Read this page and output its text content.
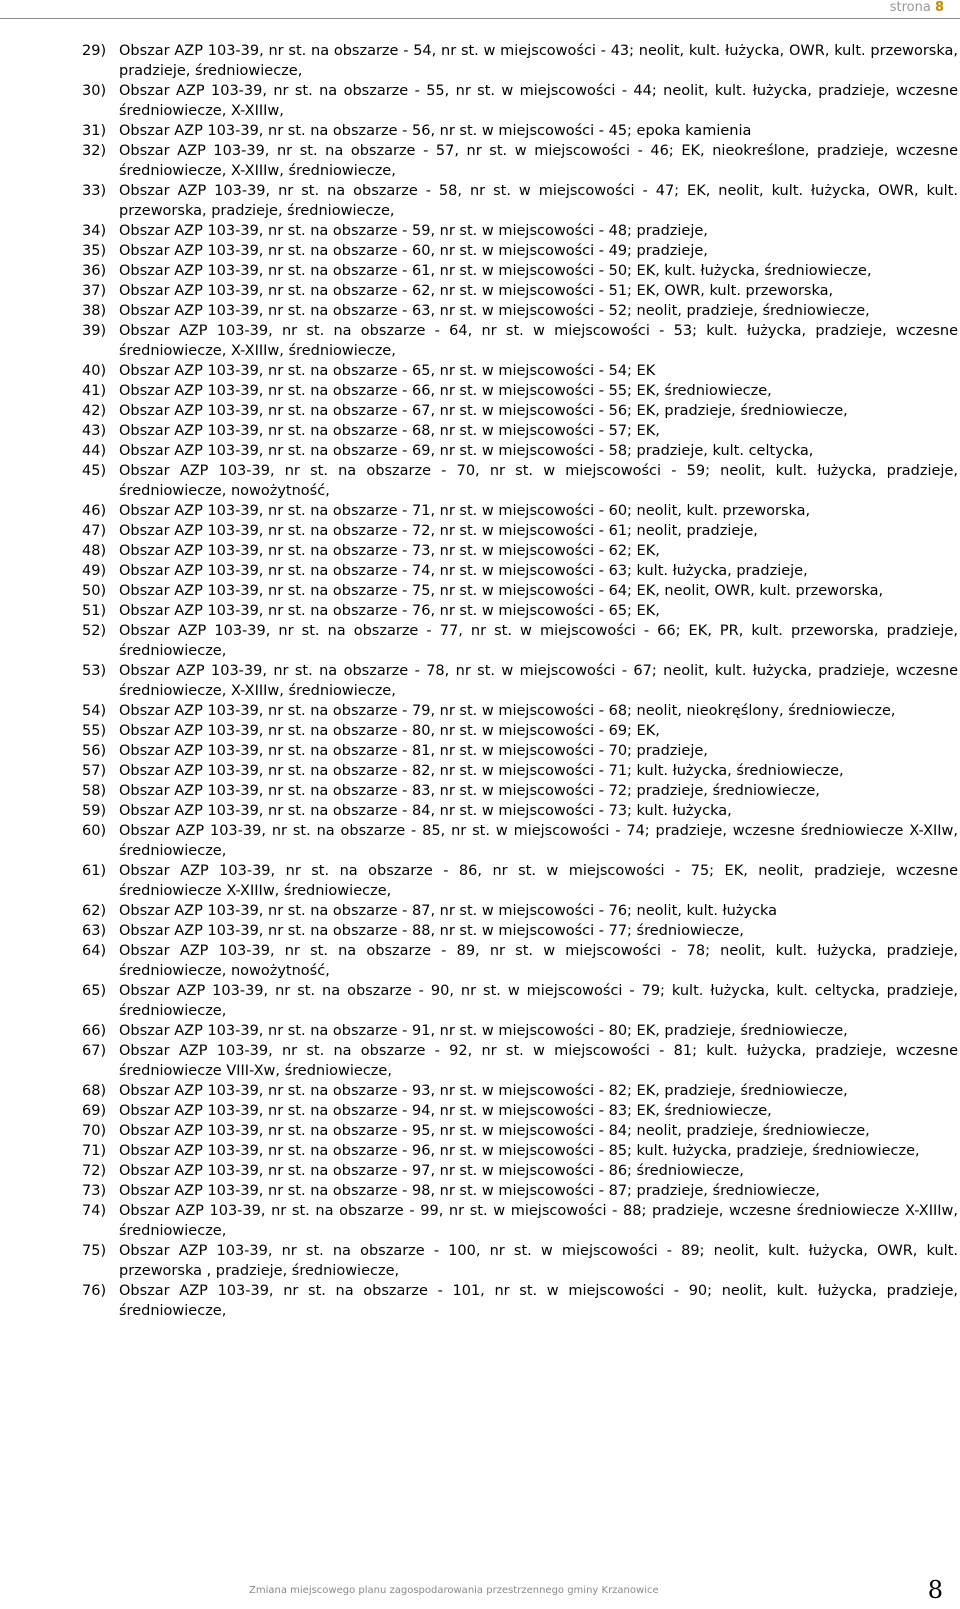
strona 8
29) Obszar AZP 103-39, nr st. na obszarze - 54, nr st. w miejscowości - 43; neolit, kult. łużycka, OWR, kult. przeworska, pradzieje, średniowiecze,
30) Obszar AZP 103-39, nr st. na obszarze - 55, nr st. w miejscowości - 44; neolit, kult. łużycka, pradzieje, wczesne średniowiecze, X-XIIIw,
31) Obszar AZP 103-39, nr st. na obszarze - 56, nr st. w miejscowości - 45; epoka kamienia
32) Obszar AZP 103-39, nr st. na obszarze - 57, nr st. w miejscowości - 46; EK, nieokreślone, pradzieje, wczesne średniowiecze, X-XIIIw, średniowiecze,
33) Obszar AZP 103-39, nr st. na obszarze - 58, nr st. w miejscowości - 47; EK, neolit, kult. łużycka, OWR, kult. przeworska, pradzieje, średniowiecze,
34) Obszar AZP 103-39, nr st. na obszarze - 59, nr st. w miejscowości - 48; pradzieje,
35) Obszar AZP 103-39, nr st. na obszarze - 60, nr st. w miejscowości - 49; pradzieje,
36) Obszar AZP 103-39, nr st. na obszarze - 61, nr st. w miejscowości - 50; EK, kult. łużycka, średniowiecze,
37) Obszar AZP 103-39, nr st. na obszarze - 62, nr st. w miejscowości - 51; EK, OWR, kult. przeworska,
38) Obszar AZP 103-39, nr st. na obszarze - 63, nr st. w miejscowości - 52; neolit, pradzieje, średniowiecze,
39) Obszar AZP 103-39, nr st. na obszarze - 64, nr st. w miejscowości - 53; kult. łużycka, pradzieje, wczesne średniowiecze, X-XIIIw, średniowiecze,
40) Obszar AZP 103-39, nr st. na obszarze - 65, nr st. w miejscowości - 54; EK
41) Obszar AZP 103-39, nr st. na obszarze - 66, nr st. w miejscowości - 55; EK, średniowiecze,
42) Obszar AZP 103-39, nr st. na obszarze - 67, nr st. w miejscowości - 56; EK, pradzieje, średniowiecze,
43) Obszar AZP 103-39, nr st. na obszarze - 68, nr st. w miejscowości - 57; EK,
44) Obszar AZP 103-39, nr st. na obszarze - 69, nr st. w miejscowości - 58; pradzieje, kult. celtycka,
45) Obszar AZP 103-39, nr st. na obszarze - 70, nr st. w miejscowości - 59; neolit, kult. łużycka, pradzieje, średniowiecze, nowożytność,
46) Obszar AZP 103-39, nr st. na obszarze - 71, nr st. w miejscowości - 60; neolit, kult. przeworska,
47) Obszar AZP 103-39, nr st. na obszarze - 72, nr st. w miejscowości - 61; neolit, pradzieje,
48) Obszar AZP 103-39, nr st. na obszarze - 73, nr st. w miejscowości - 62; EK,
49) Obszar AZP 103-39, nr st. na obszarze - 74, nr st. w miejscowości - 63; kult. łużycka, pradzieje,
50) Obszar AZP 103-39, nr st. na obszarze - 75, nr st. w miejscowości - 64; EK, neolit, OWR, kult. przeworska,
51) Obszar AZP 103-39, nr st. na obszarze - 76, nr st. w miejscowości - 65; EK,
52) Obszar AZP 103-39, nr st. na obszarze - 77, nr st. w miejscowości - 66; EK, PR, kult. przeworska, pradzieje, średniowiecze,
53) Obszar AZP 103-39, nr st. na obszarze - 78, nr st. w miejscowości - 67; neolit, kult. łużycka, pradzieje, wczesne średniowiecze, X-XIIIw, średniowiecze,
54) Obszar AZP 103-39, nr st. na obszarze - 79, nr st. w miejscowości - 68; neolit, nieokręślony, średniowiecze,
55) Obszar AZP 103-39, nr st. na obszarze - 80, nr st. w miejscowości - 69; EK,
56) Obszar AZP 103-39, nr st. na obszarze - 81, nr st. w miejscowości - 70; pradzieje,
57) Obszar AZP 103-39, nr st. na obszarze - 82, nr st. w miejscowości - 71; kult. łużycka, średniowiecze,
58) Obszar AZP 103-39, nr st. na obszarze - 83, nr st. w miejscowości - 72; pradzieje, średniowiecze,
59) Obszar AZP 103-39, nr st. na obszarze - 84, nr st. w miejscowości - 73; kult. łużycka,
60) Obszar AZP 103-39, nr st. na obszarze - 85, nr st. w miejscowości - 74; pradzieje, wczesne średniowiecze X-XIIw, średniowiecze,
61) Obszar AZP 103-39, nr st. na obszarze - 86, nr st. w miejscowości - 75; EK, neolit, pradzieje, wczesne średniowiecze X-XIIIw, średniowiecze,
62) Obszar AZP 103-39, nr st. na obszarze - 87, nr st. w miejscowości - 76; neolit, kult. łużycka
63) Obszar AZP 103-39, nr st. na obszarze - 88, nr st. w miejscowości - 77; średniowiecze,
64) Obszar AZP 103-39, nr st. na obszarze - 89, nr st. w miejscowości - 78; neolit, kult. łużycka, pradzieje, średniowiecze, nowożytność,
65) Obszar AZP 103-39, nr st. na obszarze - 90, nr st. w miejscowości - 79; kult. łużycka, kult. celtycka, pradzieje, średniowiecze,
66) Obszar AZP 103-39, nr st. na obszarze - 91, nr st. w miejscowości - 80; EK, pradzieje, średniowiecze,
67) Obszar AZP 103-39, nr st. na obszarze - 92, nr st. w miejscowości - 81; kult. łużycka, pradzieje, wczesne średniowiecze VIII-Xw, średniowiecze,
68) Obszar AZP 103-39, nr st. na obszarze - 93, nr st. w miejscowości - 82; EK, pradzieje, średniowiecze,
69) Obszar AZP 103-39, nr st. na obszarze - 94, nr st. w miejscowości - 83; EK, średniowiecze,
70) Obszar AZP 103-39, nr st. na obszarze - 95, nr st. w miejscowości - 84; neolit, pradzieje, średniowiecze,
71) Obszar AZP 103-39, nr st. na obszarze - 96, nr st. w miejscowości - 85; kult. łużycka, pradzieje, średniowiecze,
72) Obszar AZP 103-39, nr st. na obszarze - 97, nr st. w miejscowości - 86; średniowiecze,
73) Obszar AZP 103-39, nr st. na obszarze - 98, nr st. w miejscowości - 87; pradzieje, średniowiecze,
74) Obszar AZP 103-39, nr st. na obszarze - 99, nr st. w miejscowości - 88; pradzieje, wczesne średniowiecze X-XIIIw, średniowiecze,
75) Obszar AZP 103-39, nr st. na obszarze - 100, nr st. w miejscowości - 89; neolit, kult. łużycka, OWR, kult. przeworska , pradzieje, średniowiecze,
76) Obszar AZP 103-39, nr st. na obszarze - 101, nr st. w miejscowości - 90; neolit, kult. łużycka, pradzieje, średniowiecze,
Zmiana miejscowego planu zagospodarowania przestrzennego gminy Krzanowice	8
